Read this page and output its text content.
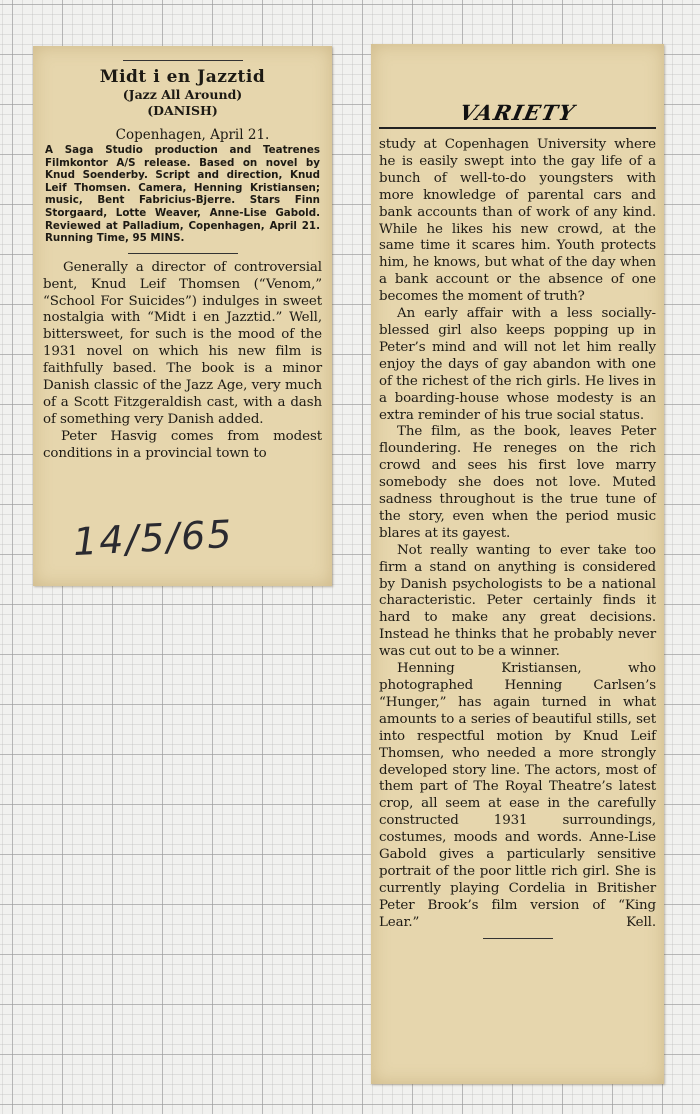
Midt i en Jazztid
(Jazz All Around)
(DANISH)
Copenhagen, April 21.

A Saga Studio production and Teatrenes Filmkontor A/S release. Based on novel by Knud Soenderby. Script and direction, Knud Leif Thomsen. Camera, Henning Kristiansen; music, Bent Fabricius-Bjerre. Stars Finn Storgaard, Lotte Weaver, Anne-Lise Gabold. Reviewed at Palladium, Copenhagen, April 21. Running Time, 95 MINS.

Generally a director of controversial bent, Knud Leif Thomsen (“Venom,” “School For Suicides”) indulges in sweet nostalgia with “Midt i en Jazztid.” Well, bittersweet, for such is the mood of the 1931 novel on which his new film is faithfully based. The book is a minor Danish classic of the Jazz Age, very much of a Scott Fitzgeraldish cast, with a dash of something very Danish added.

Peter Hasvig comes from modest conditions in a provincial town to

14/5/65
VARIETY

study at Copenhagen University where he is easily swept into the gay life of a bunch of well-to-do youngsters with more knowledge of parental cars and bank accounts than of work of any kind. While he likes his new crowd, at the same time it scares him. Youth protects him, he knows, but what of the day when a bank account or the absence of one becomes the moment of truth?

An early affair with a less socially-blessed girl also keeps popping up in Peter’s mind and will not let him really enjoy the days of gay abandon with one of the richest of the rich girls. He lives in a boarding-house whose modesty is an extra reminder of his true social status.

The film, as the book, leaves Peter floundering. He reneges on the rich crowd and sees his first love marry somebody she does not love. Muted sadness throughout is the true tune of the story, even when the period music blares at its gayest.

Not really wanting to ever take too firm a stand on anything is considered by Danish psychologists to be a national characteristic. Peter certainly finds it hard to make any great decisions. Instead he thinks that he probably never was cut out to be a winner.

Henning Kristiansen, who photographed Henning Carlsen’s “Hunger,” has again turned in what amounts to a series of beautiful stills, set into respectful motion by Knud Leif Thomsen, who needed a more strongly developed story line. The actors, most of them part of The Royal Theatre’s latest crop, all seem at ease in the carefully constructed 1931 surroundings, costumes, moods and words. Anne-Lise Gabold gives a particularly sensitive portrait of the poor little rich girl. She is currently playing Cordelia in Britisher Peter Brook’s film version of “King Lear.”	Kell.
